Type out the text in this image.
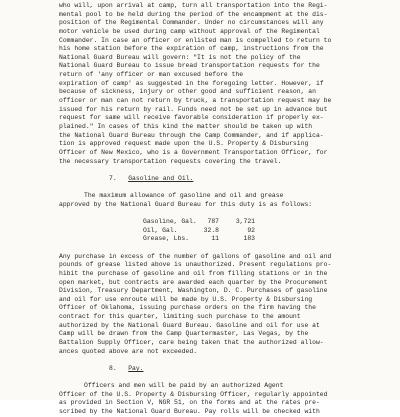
who will, upon arrival at camp, turn all transportation into the Regi-
mental pool to be held during the period of the encampment at the dis-
position of the Regimental Commander. Under no circumstances will any
motor vehicle be used during camp without approval of the Regimental
Commander. In case an officer or enlisted man is compelled to return to
his home station before the expiration of camp, instructions from the
National Guard Bureau will govern: "It is not the policy of the
National Guard Bureau to issue bread transportation requests for the
return of 'any officer or man excused before the
expiration of camp' as suggested in the foregoing letter. However, if
because of sickness, injury or other good and sufficient reason, an
officer or man can not return by truck, a transportation request may be
issued for his return by rail. Funds need not be set up in advance but
request for same will receive favorable consideration if properly ex-
plained." In cases of this kind the matter should be taken up with
the National Guard Bureau through the Camp Commander, and if applica-
tion is approved request made upon the U.S. Property & Disbursing
Officer of New Mexico, who is a Government Transportation Officer, for
the necessary transportation requests covering the travel.
7. Gasoline and Oil.
The maximum allowance of gasoline and oil and grease
approved by the National Guard Bureau for this duty is as follows:
Gasoline, Gal.	787	3,721
Oil, Gal.	32.8	92
Grease, Lbs.	11	183
Any purchase in excess of the number of gallons of gasoline and oil and
pounds of grease listed above is unauthorized. Present regulations pro-
hibit the purchase of gasoline and oil from filling stations or in the
open market, but contracts are awarded each quarter by the Procurement
Division, Treasury Department, Washington, D. C. Purchases of gasoline
and oil for use enroute will be made by U.S. Property & Disbursing
Officer of Oklahoma, issuing purchase orders on the firm having the
contract for this quarter, limiting such purchase to the amount
authorized by the National Guard Bureau. Gasoline and oil for use at
Camp will be drawn from the Camp Quartermaster, Las Vegas, by the
Battalion Supply Officer, care being taken that the authorized allow-
ances quoted above are not exceeded.
8. Pay.
Officers and men will be paid by an authorized Agent
Officer of the U.S. Property & Disbursing Officer, regularly appointed
as provided in Section V, NGR 51, on the forms and at the rates pre-
scribed by the National Guard Bureau. Pay rolls will be checked with
